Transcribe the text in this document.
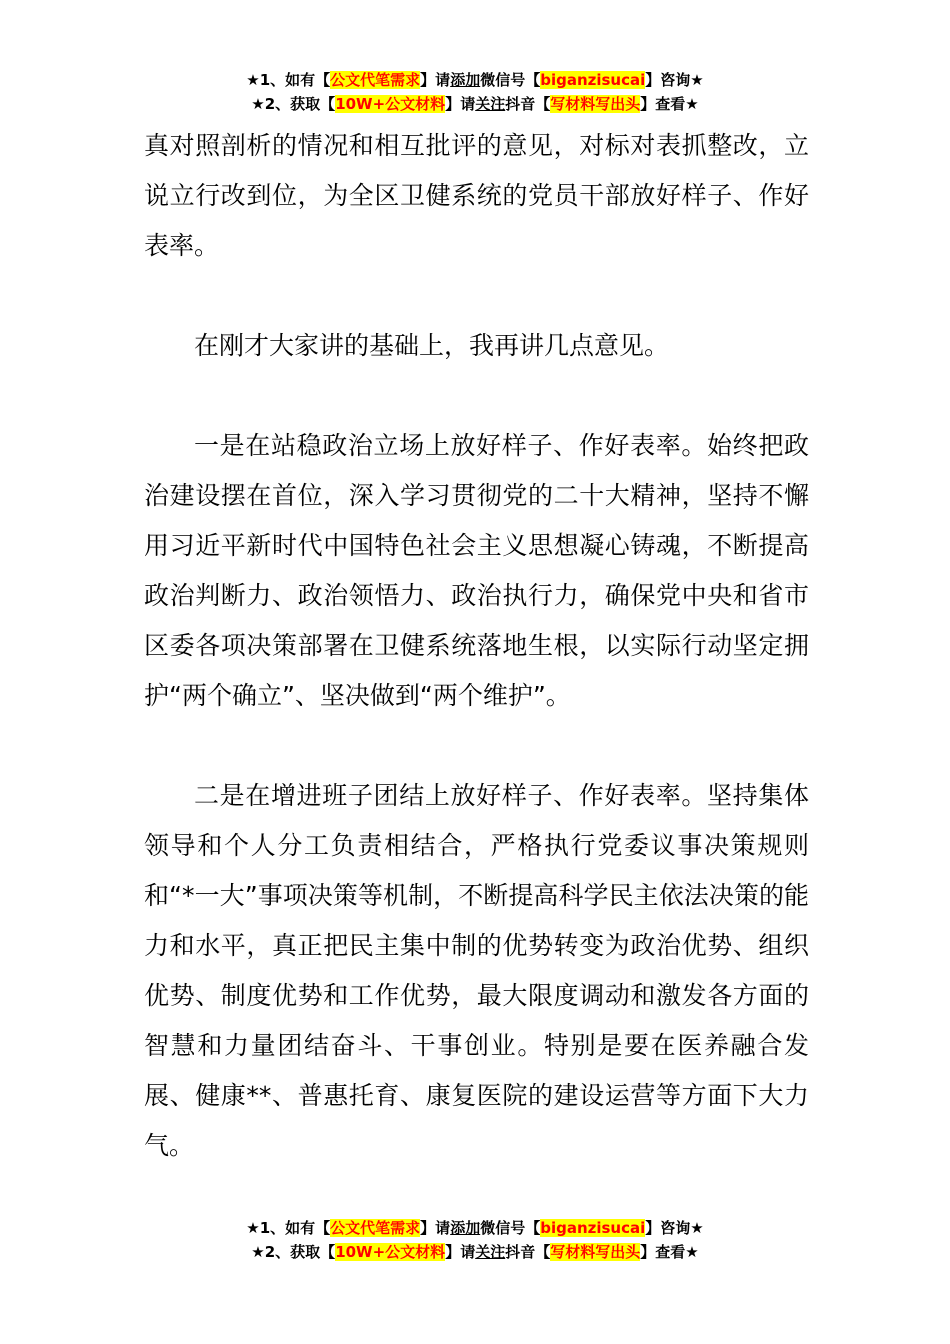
★1、如有【公文代笔需求】请添加微信号【biganzisucai】咨询★
★2、获取【10W+公文材料】请关注抖音【写材料写出头】查看★

真对照剖析的情况和相互批评的意见，对标对表抓整改，立说立行改到位，为全区卫健系统的党员干部放好样子、作好表率。

在刚才大家讲的基础上，我再讲几点意见。

一是在站稳政治立场上放好样子、作好表率。始终把政治建设摆在首位，深入学习贯彻党的二十大精神，坚持不懈用习近平新时代中国特色社会主义思想凝心铸魂，不断提高政治判断力、政治领悟力、政治执行力，确保党中央和省市区委各项决策部署在卫健系统落地生根，以实际行动坚定拥护“两个确立”、坚决做到“两个维护”。

二是在增进班子团结上放好样子、作好表率。坚持集体领导和个人分工负责相结合，严格执行党委议事决策规则和“*一大”事项决策等机制，不断提高科学民主依法决策的能力和水平，真正把民主集中制的优势转变为政治优势、组织优势、制度优势和工作优势，最大限度调动和激发各方面的智慧和力量团结奋斗、干事创业。特别是要在医养融合发展、健康**、普惠托育、康复医院的建设运营等方面下大力气。

★1、如有【公文代笔需求】请添加微信号【biganzisucai】咨询★
★2、获取【10W+公文材料】请关注抖音【写材料写出头】查看★
